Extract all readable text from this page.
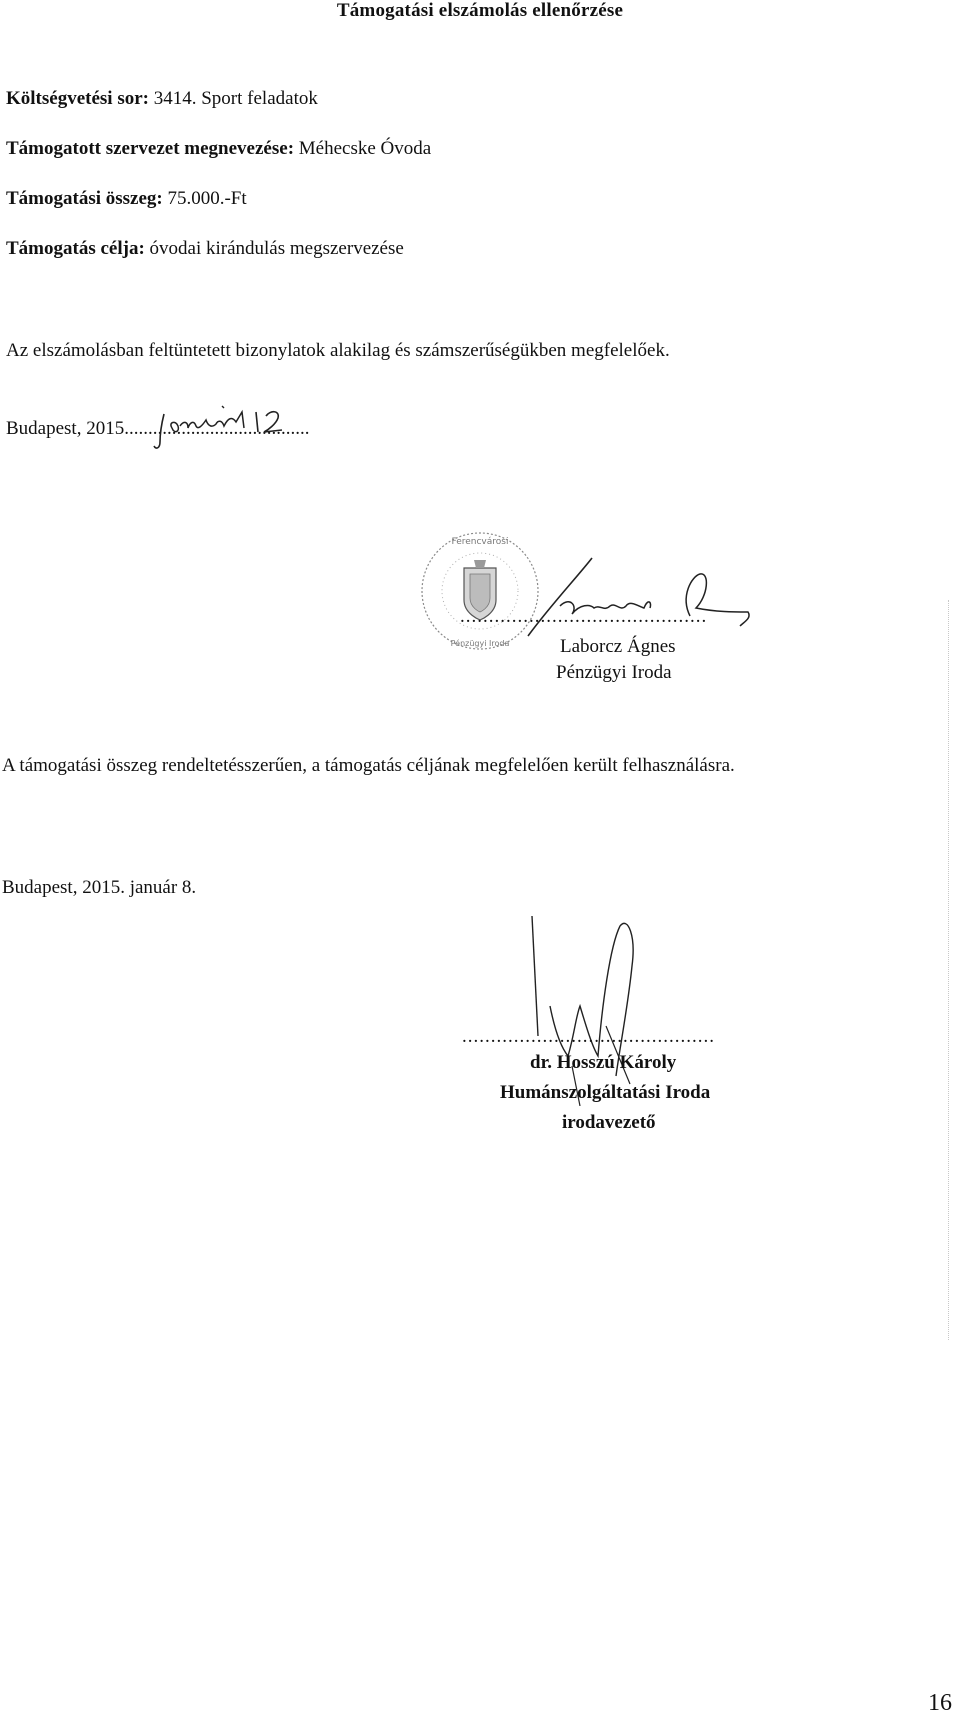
Támogatási elszámolás ellenőrzése
Költségvetési sor: 3414. Sport feladatok
Támogatott szervezet megnevezése: Méhecske Óvoda
Támogatási összeg: 75.000.-Ft
Támogatás célja: óvodai kirándulás megszervezése
Az elszámolásban feltüntetett bizonylatok alakilag és számszerűségükben megfelelőek.
Budapest, 2015.......................................
Ferencvárosi
Pénzügyi Iroda
...........................................
Laborcz Ágnes
Pénzügyi Iroda
A támogatási összeg rendeltetésszerűen, a támogatás céljának megfelelően került felhasználásra.
Budapest, 2015. január 8.
............................................
dr. Hosszú Károly
Humánszolgáltatási Iroda
irodavezető
16
